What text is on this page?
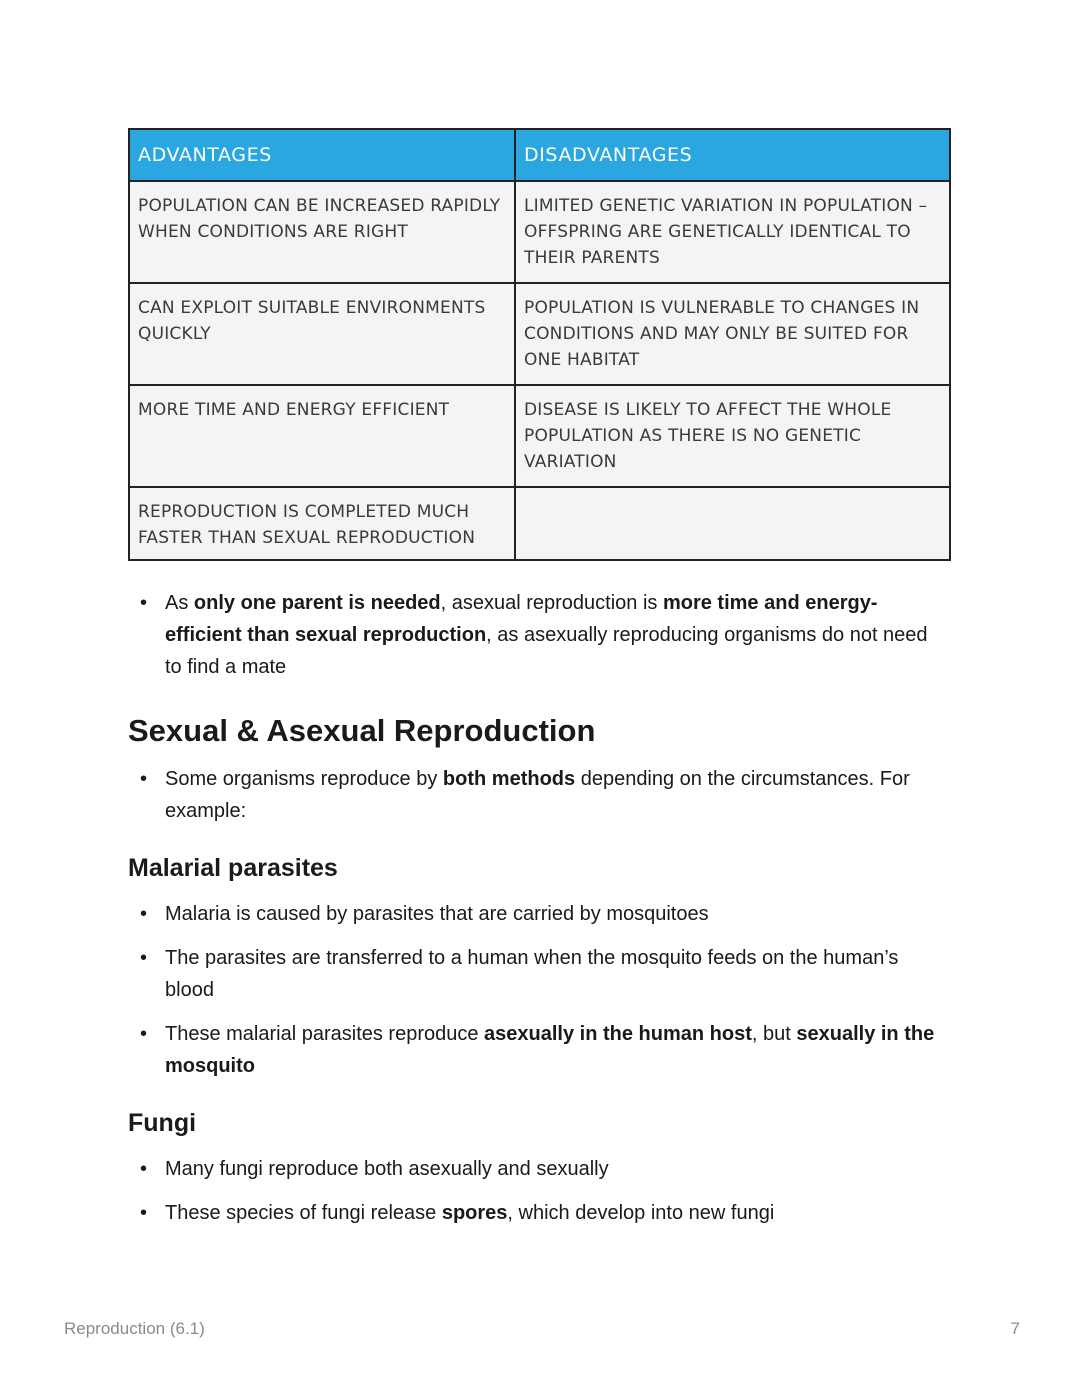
ADVANTAGES	DISADVANTAGES
POPULATION CAN BE INCREASED RAPIDLY WHEN CONDITIONS ARE RIGHT	LIMITED GENETIC VARIATION IN POPULATION – OFFSPRING ARE GENETICALLY IDENTICAL TO THEIR PARENTS
CAN EXPLOIT SUITABLE ENVIRONMENTS QUICKLY	POPULATION IS VULNERABLE TO CHANGES IN CONDITIONS AND MAY ONLY BE SUITED FOR ONE HABITAT
MORE TIME AND ENERGY EFFICIENT	DISEASE IS LIKELY TO AFFECT THE WHOLE POPULATION AS THERE IS NO GENETIC VARIATION
REPRODUCTION IS COMPLETED MUCH FASTER THAN SEXUAL REPRODUCTION	
• As only one parent is needed, asexual reproduction is more time and energy-efficient than sexual reproduction, as asexually reproducing organisms do not need to find a mate
Sexual & Asexual Reproduction
• Some organisms reproduce by both methods depending on the circumstances. For example:
Malarial parasites
• Malaria is caused by parasites that are carried by mosquitoes
• The parasites are transferred to a human when the mosquito feeds on the human’s blood
• These malarial parasites reproduce asexually in the human host, but sexually in the mosquito
Fungi
• Many fungi reproduce both asexually and sexually
• These species of fungi release spores, which develop into new fungi
Reproduction (6.1)	7
